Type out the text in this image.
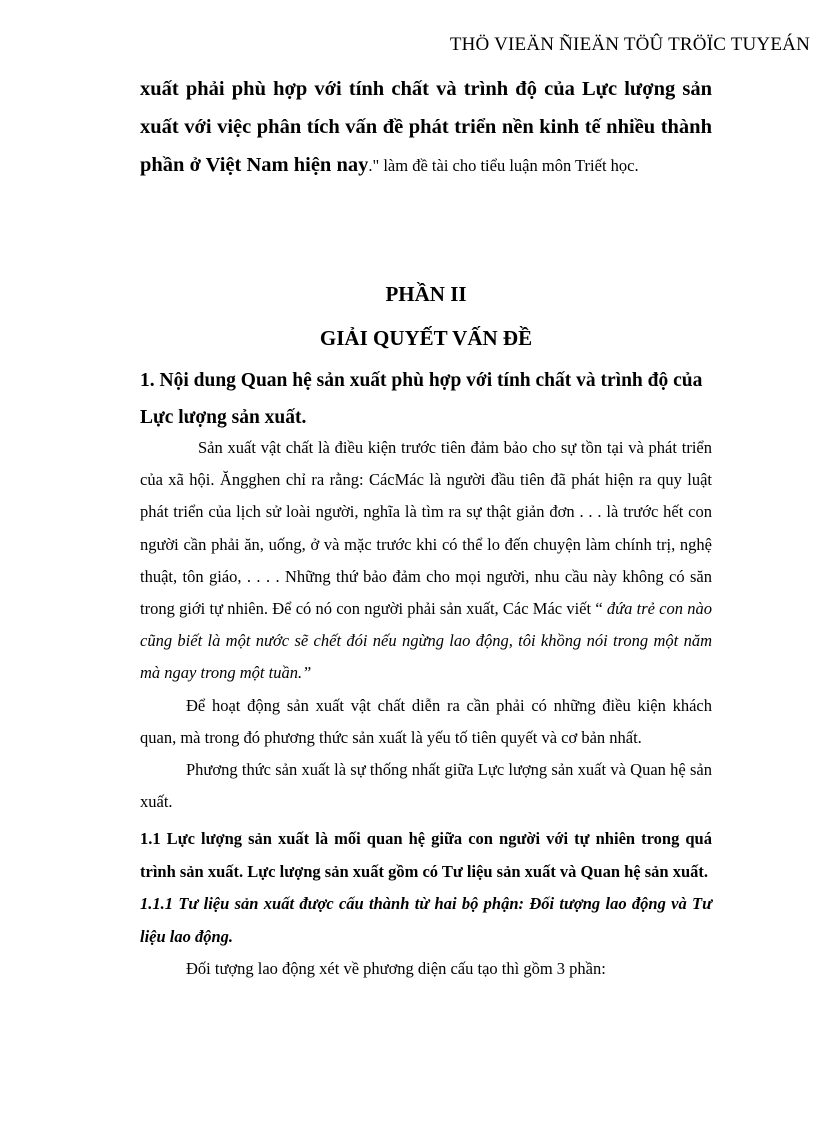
THÖ VIEÄN ÑIEÄN TÖÛ TRÖÏC TUYEÁN

xuất phải phù hợp với tính chất và trình độ của Lực lượng sản xuất với việc phân tích vấn đề phát triển nền kinh tế nhiều thành phần ở Việt Nam hiện nay." làm đề tài cho tiểu luận môn Triết học.

PHẦN II
GIẢI QUYẾT VẤN ĐỀ

1. Nội dung Quan hệ sản xuất phù hợp với tính chất và trình độ của Lực lượng sản xuất.

Sản xuất vật chất là điều kiện trước tiên đảm bảo cho sự tồn tại và phát triển của xã hội. Ăngghen chỉ ra rằng: CácMác là người đầu tiên đã phát hiện ra quy luật phát triển của lịch sử loài người, nghĩa là tìm ra sự thật giản đơn . . . là trước hết con người cần phải ăn, uống, ở và mặc trước khi có thể lo đến chuyện làm chính trị, nghệ thuật, tôn giáo, . . . . Những thứ bảo đảm cho mọi người, nhu cầu này không có săn trong giới tự nhiên. Để có nó con người phải sản xuất, Các Mác viết “ đứa trẻ con nào cũng biết là một nước sẽ chết đói nếu ngừng lao động, tôi khồng nói trong một năm mà ngay trong một tuần.”

Để hoạt động sản xuất vật chất diễn ra cần phải có những điều kiện khách quan, mà trong đó phương thức sản xuất là yếu tố tiên quyết và cơ bản nhất.

Phương thức sản xuất là sự thống nhất giữa Lực lượng sản xuất và Quan hệ sản xuất.

1.1 Lực lượng sản xuất là mối quan hệ giữa con người với tự nhiên trong quá trình sản xuất. Lực lượng sản xuất gồm có Tư liệu sản xuất và Quan hệ sản xuất.

1.1.1 Tư liệu sản xuất được cấu thành từ hai bộ phận: Đối tượng lao động và Tư liệu lao động.

Đối tượng lao động xét về phương diện cấu tạo thì gồm 3 phần:
